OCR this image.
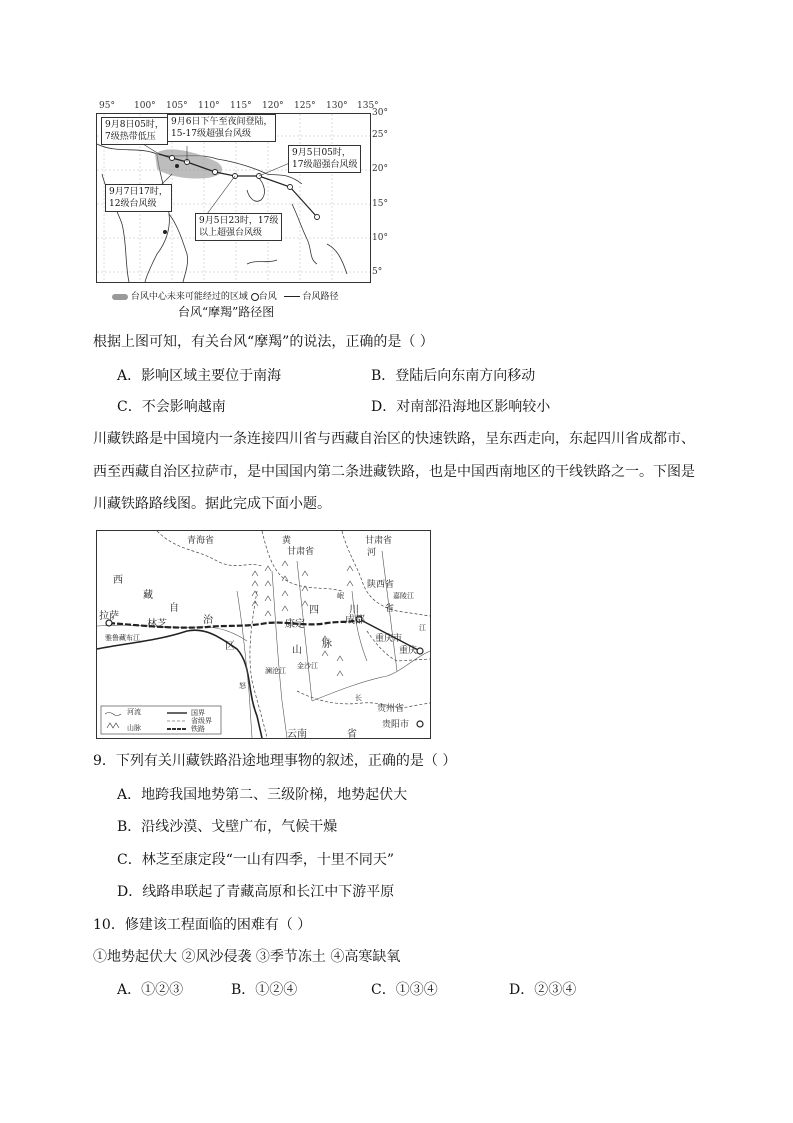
95° 100° 105° 110° 115° 120° 125° 130° 135°
30°
25°
20°
15°
10°
5°
9月8日05时，
7级热带低压
9月6日下午至夜间登陆，
15-17级超强台风级
9月5日05时，
17级超强台风级
9月7日17时，
12级台风级
9月5日23时，17级
以上超强台风级
台风中心未来可能经过的区域 台风	台风路径
台风“摩羯”路径图
根据上图可知，有关台风“摩羯”的说法，正确的是（ ）
A．影响区域主要位于南海	B．登陆后向东南方向移动
C．不会影响越南	D．对南部沿海地区影响较小
川藏铁路是中国境内一条连接四川省与西藏自治区的快速铁路，呈东西走向，东起四川省成都市、
西至西藏自治区拉萨市，是中国国内第二条进藏铁路，也是中国西南地区的干线铁路之一。下图是
川藏铁路路线图。据此完成下面小题。
青海省	黄
甘肃省
甘肃省
河
西
藏
自
治
区
拉萨
林芝	康定	成都
四	川
山
脉
陕西省
省
重庆市
重庆
贵州省
贵阳市
云南	省
雅鲁藏布江
怒
澜沧江
金沙江
岷	嘉陵江
长
江
河流	国界
省级界
山脉	铁路
9．下列有关川藏铁路沿途地理事物的叙述，正确的是（ ）
A．地跨我国地势第二、三级阶梯，地势起伏大
B．沿线沙漠、戈壁广布，气候干燥
C．林芝至康定段“一山有四季，十里不同天”
D．线路串联起了青藏高原和长江中下游平原
10．修建该工程面临的困难有（ ）
①地势起伏大 ②风沙侵袭 ③季节冻土 ④高寒缺氧
A．①②③	B．①②④	C．①③④	D．②③④
